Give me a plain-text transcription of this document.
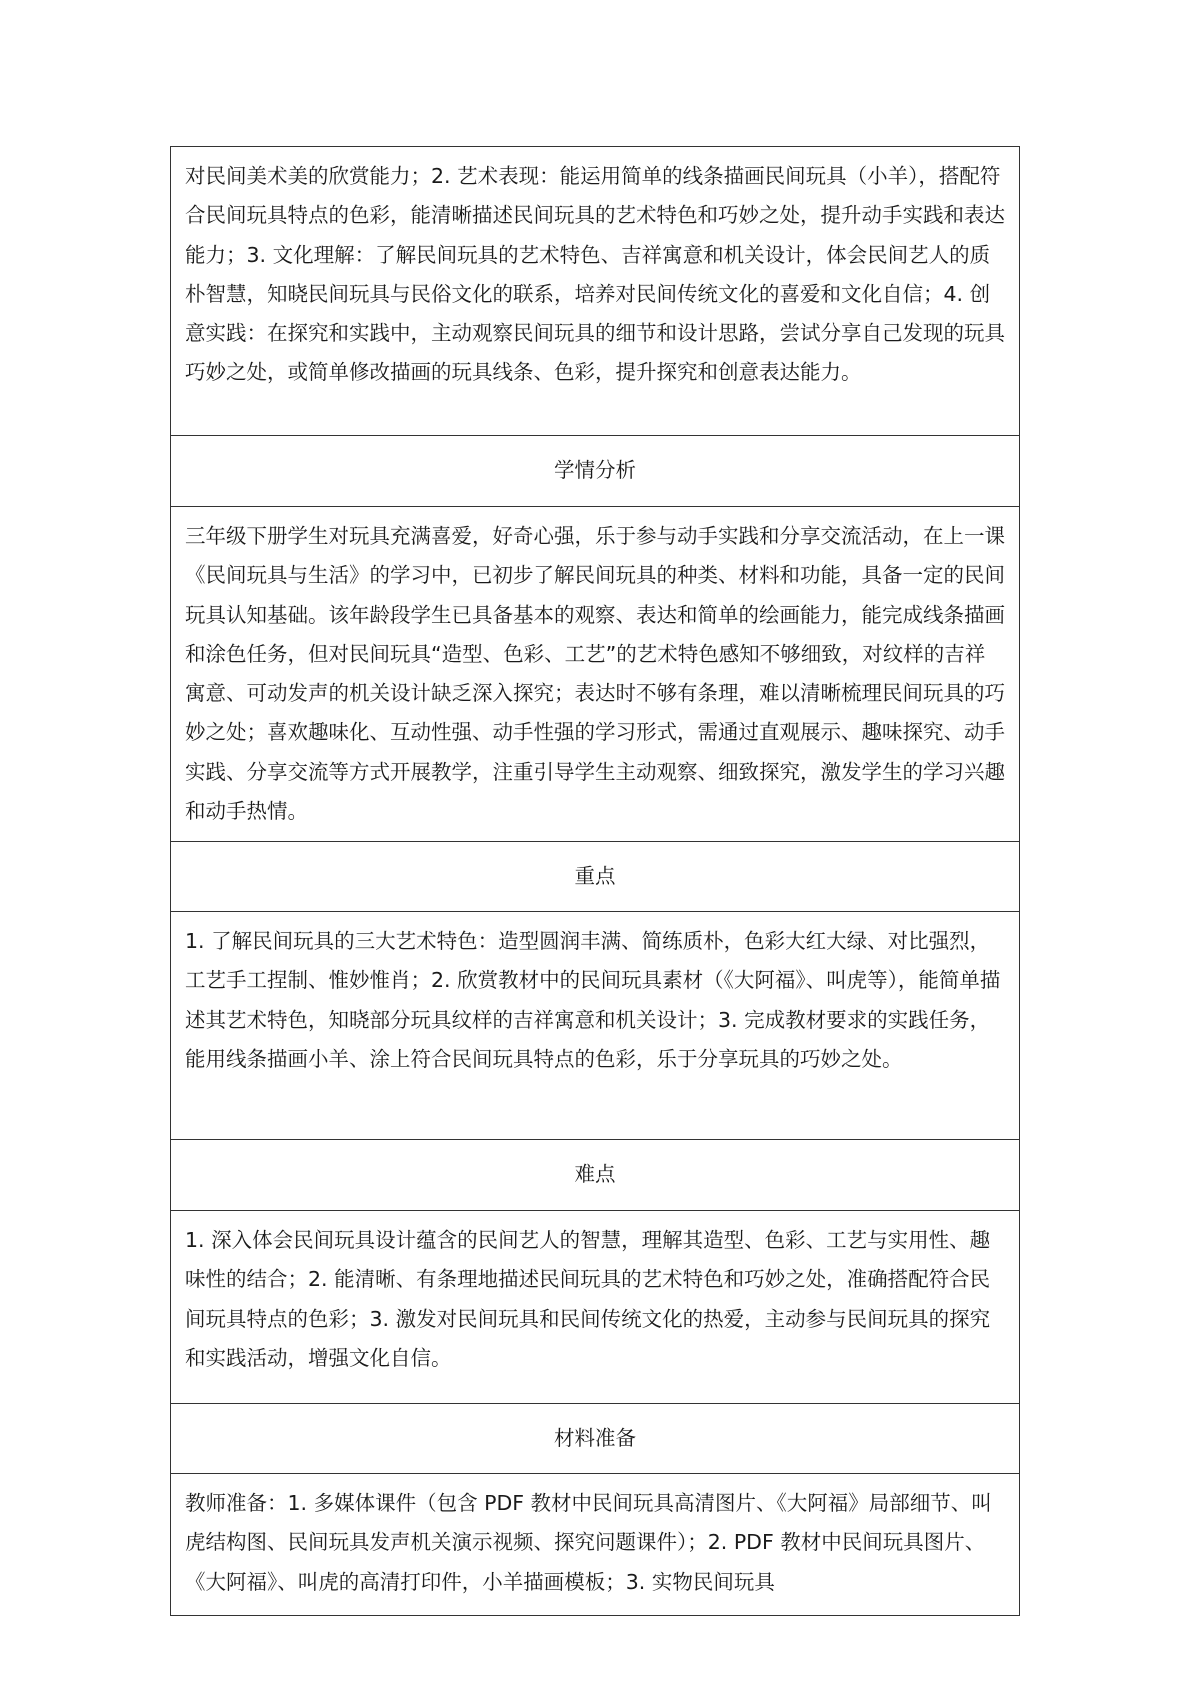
对民间美术美的欣赏能力；2. 艺术表现：能运用简单的线条描画民间玩具（小羊），搭配符合民间玩具特点的色彩，能清晰描述民间玩具的艺术特色和巧妙之处，提升动手实践和表达能力；3. 文化理解：了解民间玩具的艺术特色、吉祥寓意和机关设计，体会民间艺人的质朴智慧，知晓民间玩具与民俗文化的联系，培养对民间传统文化的喜爱和文化自信；4. 创意实践：在探究和实践中，主动观察民间玩具的细节和设计思路，尝试分享自己发现的玩具巧妙之处，或简单修改描画的玩具线条、色彩，提升探究和创意表达能力。
学情分析
三年级下册学生对玩具充满喜爱，好奇心强，乐于参与动手实践和分享交流活动，在上一课《民间玩具与生活》的学习中，已初步了解民间玩具的种类、材料和功能，具备一定的民间玩具认知基础。该年龄段学生已具备基本的观察、表达和简单的绘画能力，能完成线条描画和涂色任务，但对民间玩具“造型、色彩、工艺”的艺术特色感知不够细致，对纹样的吉祥寓意、可动发声的机关设计缺乏深入探究；表达时不够有条理，难以清晰梳理民间玩具的巧妙之处；喜欢趣味化、互动性强、动手性强的学习形式，需通过直观展示、趣味探究、动手实践、分享交流等方式开展教学，注重引导学生主动观察、细致探究，激发学生的学习兴趣和动手热情。
重点
1. 了解民间玩具的三大艺术特色：造型圆润丰满、简练质朴，色彩大红大绿、对比强烈，工艺手工捏制、惟妙惟肖；2. 欣赏教材中的民间玩具素材（《大阿福》、叫虎等），能简单描述其艺术特色，知晓部分玩具纹样的吉祥寓意和机关设计；3. 完成教材要求的实践任务，能用线条描画小羊、涂上符合民间玩具特点的色彩，乐于分享玩具的巧妙之处。
难点
1. 深入体会民间玩具设计蕴含的民间艺人的智慧，理解其造型、色彩、工艺与实用性、趣味性的结合；2. 能清晰、有条理地描述民间玩具的艺术特色和巧妙之处，准确搭配符合民间玩具特点的色彩；3. 激发对民间玩具和民间传统文化的热爱，主动参与民间玩具的探究和实践活动，增强文化自信。
材料准备
教师准备：1. 多媒体课件（包含 PDF 教材中民间玩具高清图片、《大阿福》局部细节、叫虎结构图、民间玩具发声机关演示视频、探究问题课件）；2. PDF 教材中民间玩具图片、《大阿福》、叫虎的高清打印件，小羊描画模板；3. 实物民间玩具
